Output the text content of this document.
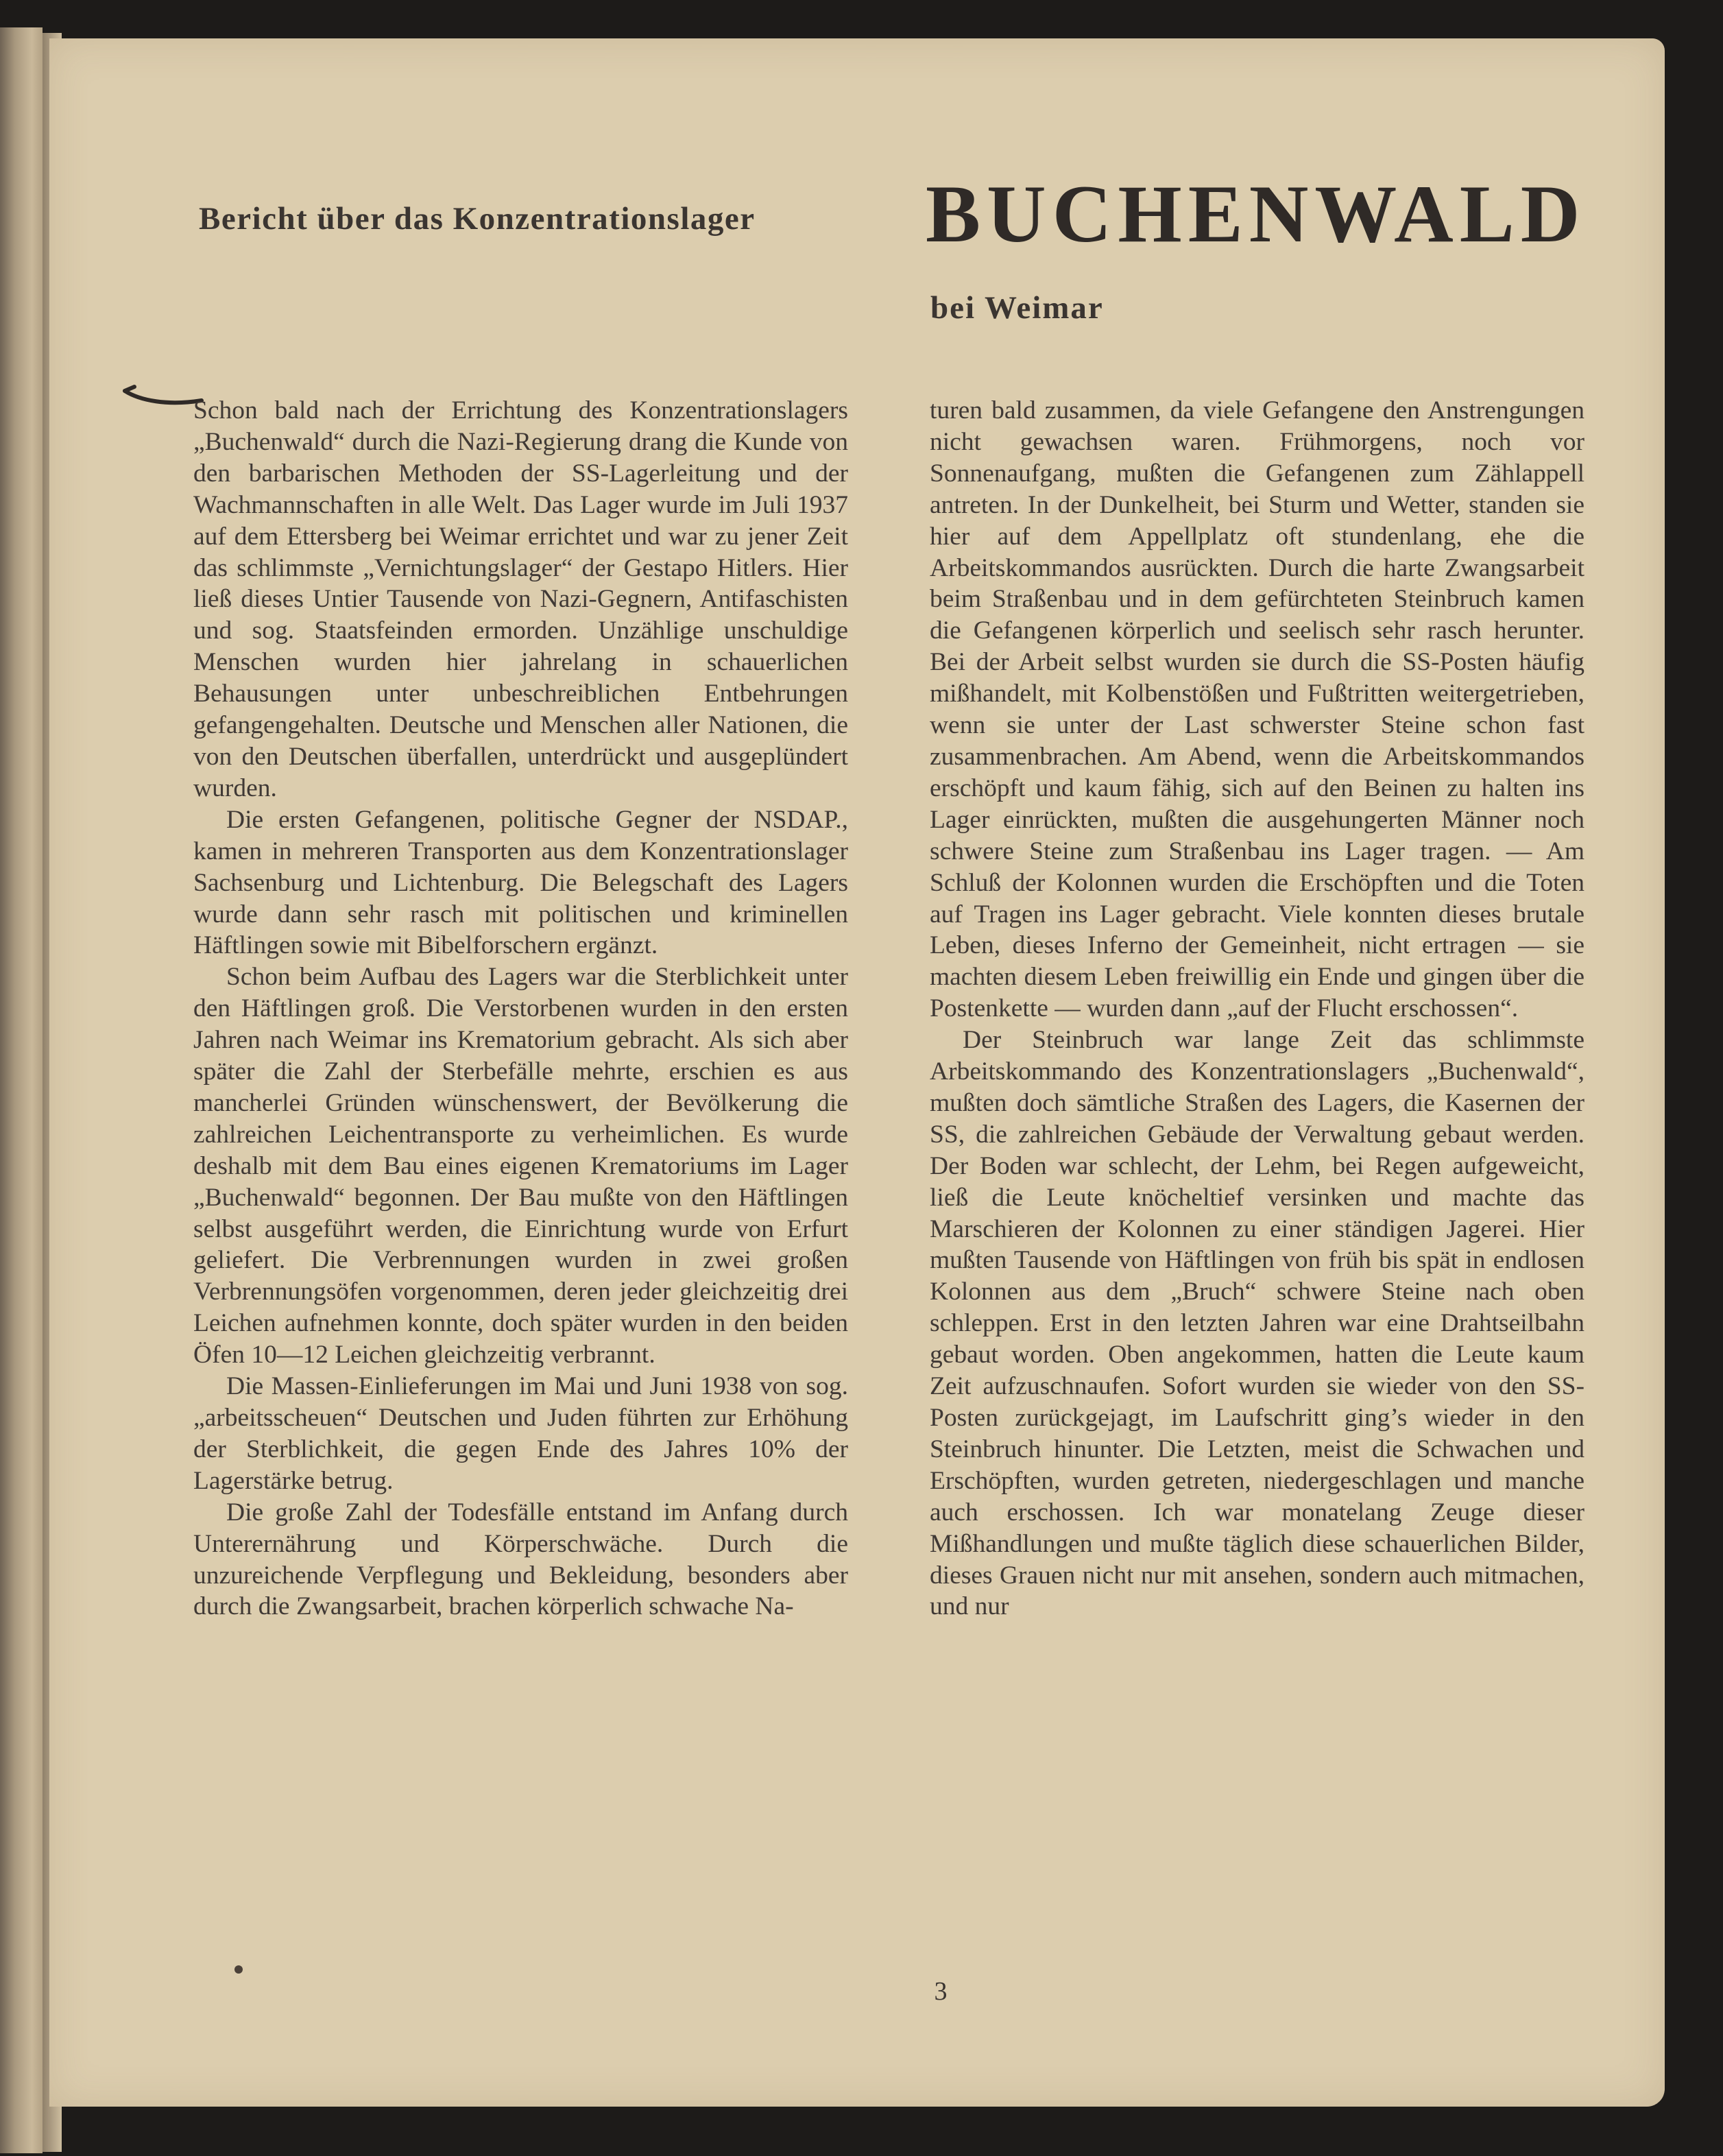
Bericht über das Konzentrationslager	BUCHENWALD
bei Weimar

Schon bald nach der Errichtung des Konzentrationslagers „Buchenwald“ durch die Nazi-Regierung drang die Kunde von den barbarischen Methoden der SS-Lagerleitung und der Wachmannschaften in alle Welt. Das Lager wurde im Juli 1937 auf dem Ettersberg bei Weimar errichtet und war zu jener Zeit das schlimmste „Vernichtungslager“ der Gestapo Hitlers. Hier ließ dieses Untier Tausende von Nazi-Gegnern, Antifaschisten und sog. Staatsfeinden ermorden. Unzählige unschuldige Menschen wurden hier jahrelang in schauerlichen Behausungen unter unbeschreiblichen Entbehrungen gefangengehalten. Deutsche und Menschen aller Nationen, die von den Deutschen überfallen, unterdrückt und ausgeplündert wurden.

Die ersten Gefangenen, politische Gegner der NSDAP., kamen in mehreren Transporten aus dem Konzentrationslager Sachsenburg und Lichtenburg. Die Belegschaft des Lagers wurde dann sehr rasch mit politischen und kriminellen Häftlingen sowie mit Bibelforschern ergänzt.

Schon beim Aufbau des Lagers war die Sterblichkeit unter den Häftlingen groß. Die Verstorbenen wurden in den ersten Jahren nach Weimar ins Krematorium gebracht. Als sich aber später die Zahl der Sterbefälle mehrte, erschien es aus mancherlei Gründen wünschenswert, der Bevölkerung die zahlreichen Leichentransporte zu verheimlichen. Es wurde deshalb mit dem Bau eines eigenen Krematoriums im Lager „Buchenwald“ begonnen. Der Bau mußte von den Häftlingen selbst ausgeführt werden, die Einrichtung wurde von Erfurt geliefert. Die Verbrennungen wurden in zwei großen Verbrennungsöfen vorgenommen, deren jeder gleichzeitig drei Leichen aufnehmen konnte, doch später wurden in den beiden Öfen 10—12 Leichen gleichzeitig verbrannt.

Die Massen-Einlieferungen im Mai und Juni 1938 von sog. „arbeitsscheuen“ Deutschen und Juden führten zur Erhöhung der Sterblichkeit, die gegen Ende des Jahres 10% der Lagerstärke betrug.

Die große Zahl der Todesfälle entstand im Anfang durch Unterernährung und Körperschwäche. Durch die unzureichende Verpflegung und Bekleidung, besonders aber durch die Zwangsarbeit, brachen körperlich schwache Na-

turen bald zusammen, da viele Gefangene den Anstrengungen nicht gewachsen waren. Frühmorgens, noch vor Sonnenaufgang, mußten die Gefangenen zum Zählappell antreten. In der Dunkelheit, bei Sturm und Wetter, standen sie hier auf dem Appellplatz oft stundenlang, ehe die Arbeitskommandos ausrückten. Durch die harte Zwangsarbeit beim Straßenbau und in dem gefürchteten Steinbruch kamen die Gefangenen körperlich und seelisch sehr rasch herunter. Bei der Arbeit selbst wurden sie durch die SS-Posten häufig mißhandelt, mit Kolbenstößen und Fußtritten weitergetrieben, wenn sie unter der Last schwerster Steine schon fast zusammenbrachen. Am Abend, wenn die Arbeitskommandos erschöpft und kaum fähig, sich auf den Beinen zu halten ins Lager einrückten, mußten die ausgehungerten Männer noch schwere Steine zum Straßenbau ins Lager tragen. — Am Schluß der Kolonnen wurden die Erschöpften und die Toten auf Tragen ins Lager gebracht. Viele konnten dieses brutale Leben, dieses Inferno der Gemeinheit, nicht ertragen — sie machten diesem Leben freiwillig ein Ende und gingen über die Postenkette — wurden dann „auf der Flucht erschossen“.

Der Steinbruch war lange Zeit das schlimmste Arbeitskommando des Konzentrationslagers „Buchenwald“, mußten doch sämtliche Straßen des Lagers, die Kasernen der SS, die zahlreichen Gebäude der Verwaltung gebaut werden. Der Boden war schlecht, der Lehm, bei Regen aufgeweicht, ließ die Leute knöcheltief versinken und machte das Marschieren der Kolonnen zu einer ständigen Jagerei. Hier mußten Tausende von Häftlingen von früh bis spät in endlosen Kolonnen aus dem „Bruch“ schwere Steine nach oben schleppen. Erst in den letzten Jahren war eine Drahtseilbahn gebaut worden. Oben angekommen, hatten die Leute kaum Zeit aufzuschnaufen. Sofort wurden sie wieder von den SS-Posten zurückgejagt, im Laufschritt ging’s wieder in den Steinbruch hinunter. Die Letzten, meist die Schwachen und Erschöpften, wurden getreten, niedergeschlagen und manche auch erschossen. Ich war monatelang Zeuge dieser Mißhandlungen und mußte täglich diese schauerlichen Bilder, dieses Grauen nicht nur mit ansehen, sondern auch mitmachen, und nur

3
